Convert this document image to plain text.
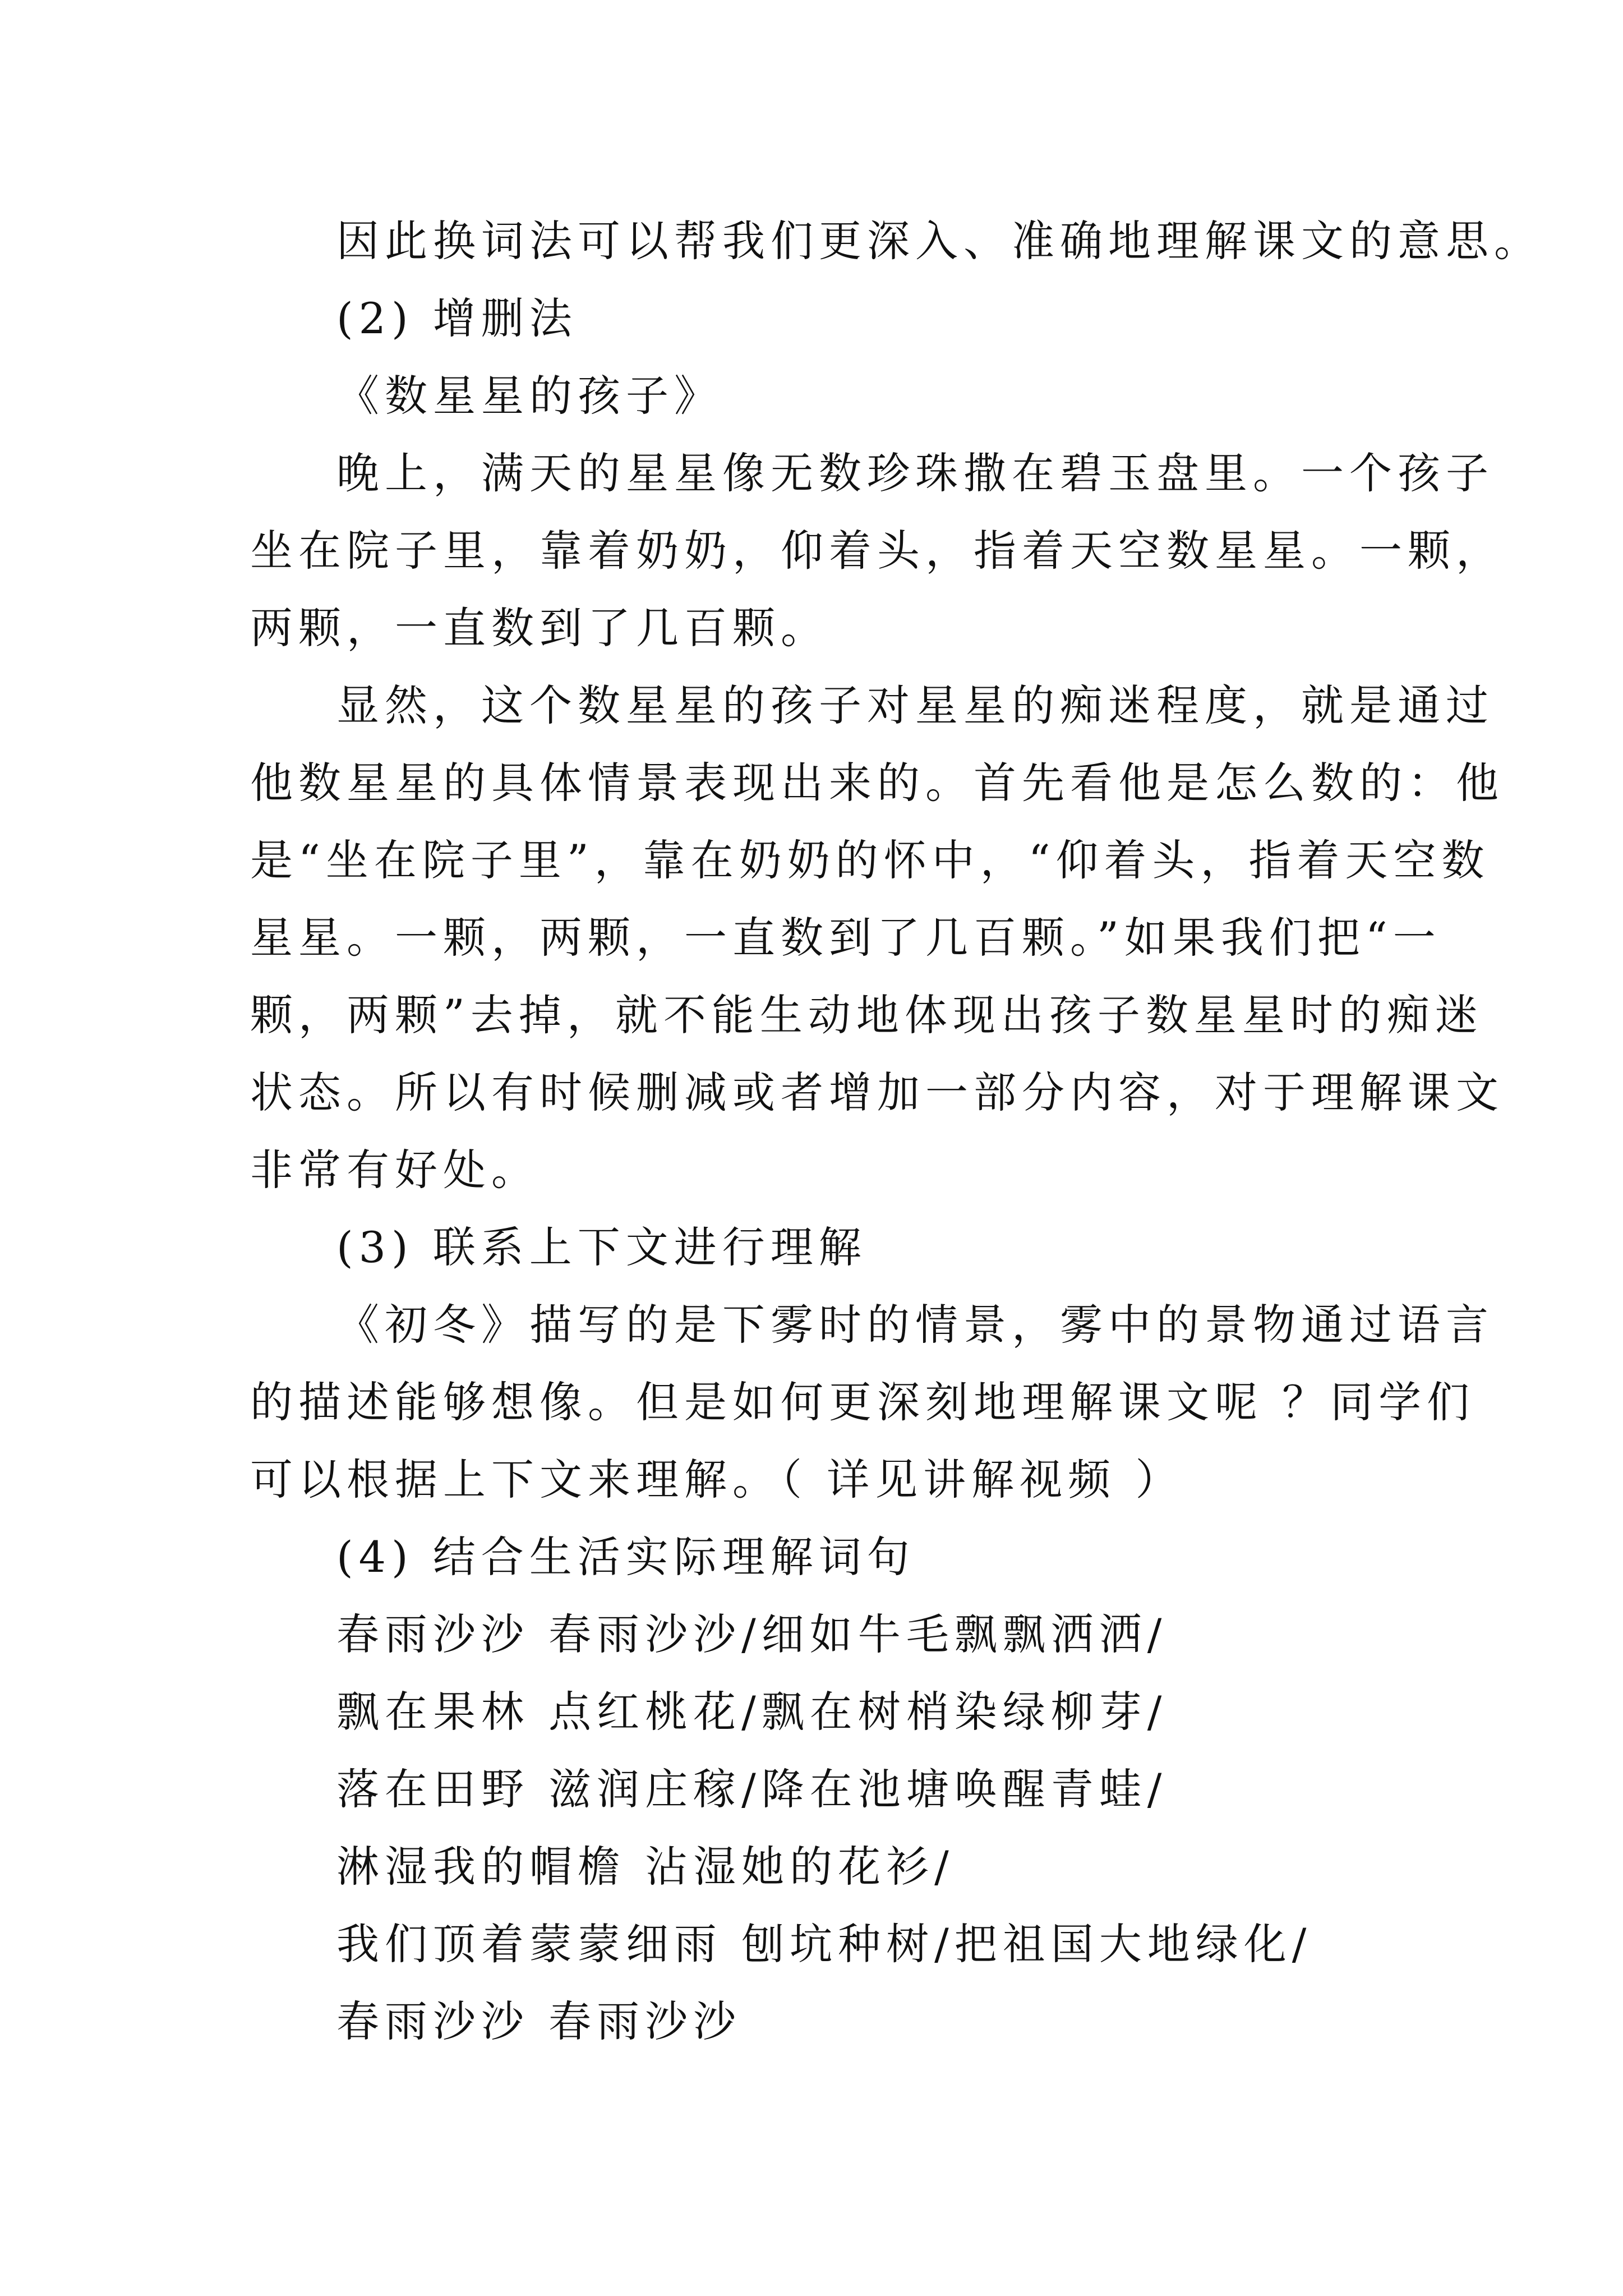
因此换词法可以帮我们更深入、准确地理解课文的意思。
(2) 增删法
《数星星的孩子》
晚上，满天的星星像无数珍珠撒在碧玉盘里。一个孩子
坐在院子里，靠着奶奶，仰着头，指着天空数星星。一颗，
两颗，一直数到了几百颗。
显然，这个数星星的孩子对星星的痴迷程度，就是通过
他数星星的具体情景表现出来的。首先看他是怎么数的：他
是“坐在院子里”，靠在奶奶的怀中，“仰着头，指着天空数
星星。一颗，两颗，一直数到了几百颗。”如果我们把“一
颗，两颗”去掉，就不能生动地体现出孩子数星星时的痴迷
状态。所以有时候删减或者增加一部分内容，对于理解课文
非常有好处。
(3) 联系上下文进行理解
《初冬》描写的是下雾时的情景，雾中的景物通过语言
的描述能够想像。但是如何更深刻地理解课文呢 ？同学们
可以根据上下文来理解。（ 详见讲解视频 ）
(4) 结合生活实际理解词句
春雨沙沙 春雨沙沙/细如牛毛飘飘洒洒/
飘在果林 点红桃花/飘在树梢染绿柳芽/
落在田野 滋润庄稼/降在池塘唤醒青蛙/
淋湿我的帽檐 沾湿她的花衫/
我们顶着蒙蒙细雨 刨坑种树/把祖国大地绿化/
春雨沙沙 春雨沙沙
